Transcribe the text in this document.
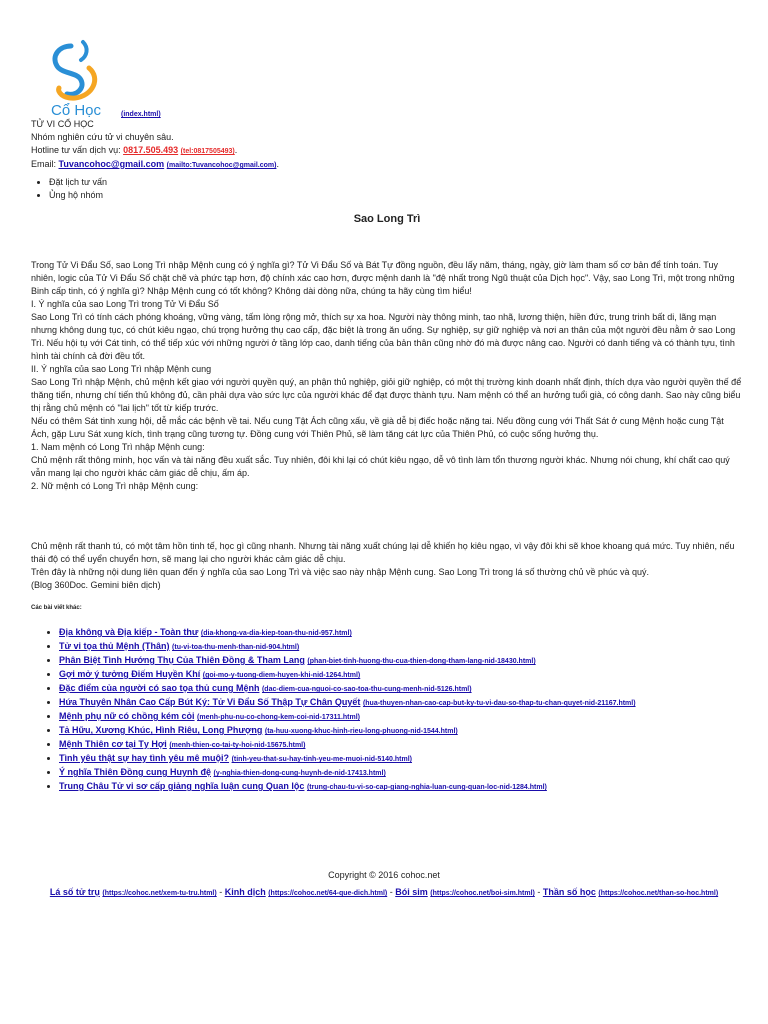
Cổ Học	(index.html)
TỬ VI CỔ HỌC
Nhóm nghiên cứu tử vi chuyên sâu.
Hotline tư vấn dịch vụ: 0817.505.493 (tel:0817505493).
Email: Tuvancohoc@gmail.com (mailto:Tuvancohoc@gmail.com).
• Đặt lịch tư vấn
• Ủng hộ nhóm
Sao Long Trì

Trong Tử Vi Đẩu Số, sao Long Trì nhập Mệnh cung có ý nghĩa gì? Tử Vi Đẩu Số và Bát Tự đồng nguồn, đều lấy năm, tháng, ngày, giờ làm tham số cơ bản để tính toán. Tuy nhiên, logic của Tử Vi Đẩu Số chặt chẽ và phức tạp hơn, độ chính xác cao hơn, được mệnh danh là "đệ nhất trong Ngũ thuật của Dịch học". Vậy, sao Long Trì, một trong những Binh cấp tinh, có ý nghĩa gì? Nhập Mệnh cung có tốt không? Không dài dòng nữa, chúng ta hãy cùng tìm hiểu!

I. Ý nghĩa của sao Long Trì trong Tử Vi Đẩu Số

Sao Long Trì có tính cách phóng khoáng, vững vàng, tấm lòng rộng mở, thích sự xa hoa. Người này thông minh, tao nhã, lương thiện, hiền đức, trung trinh bất di, lãng mạn nhưng không dung tục, có chút kiêu ngạo, chú trọng hưởng thụ cao cấp, đặc biệt là trong ăn uống. Sự nghiệp, sự giữ nghiệp và nơi an thân của một người đều nằm ở sao Long Trì. Nếu hội tụ với Cát tinh, có thể tiếp xúc với những người ở tầng lớp cao, danh tiếng của bản thân cũng nhờ đó mà được nâng cao. Người có danh tiếng và có thành tựu, tình hình tài chính cả đời đều tốt.

II. Ý nghĩa của sao Long Trì nhập Mệnh cung

Sao Long Trì nhập Mệnh, chủ mệnh kết giao với người quyền quý, an phận thủ nghiệp, giỏi giữ nghiệp, có một thị trường kinh doanh nhất định, thích dựa vào người quyền thế để thăng tiến, nhưng chí tiến thủ không đủ, cần phải dựa vào sức lực của người khác để đạt được thành tựu. Nam mệnh có thể an hưởng tuổi già, có công danh. Sao này cũng biểu thị rằng chủ mệnh có "lai lịch" tốt từ kiếp trước.

Nếu có thêm Sát tinh xung hội, dễ mắc các bệnh về tai. Nếu cung Tật Ách cũng xấu, về già dễ bị điếc hoặc nặng tai. Nếu đồng cung với Thất Sát ở cung Mệnh hoặc cung Tật Ách, gặp Lưu Sát xung kích, tình trạng cũng tương tự. Đồng cung với Thiên Phủ, sẽ làm tăng cát lực của Thiên Phủ, có cuộc sống hưởng thụ.

1. Nam mệnh có Long Trì nhập Mệnh cung:

Chủ mệnh rất thông minh, học vấn và tài năng đều xuất sắc. Tuy nhiên, đôi khi lại có chút kiêu ngạo, dễ vô tình làm tổn thương người khác. Nhưng nói chung, khí chất cao quý vẫn mang lại cho người khác cảm giác dễ chịu, ấm áp.

2. Nữ mệnh có Long Trì nhập Mệnh cung:

Chủ mệnh rất thanh tú, có một tâm hồn tinh tế, học gì cũng nhanh. Nhưng tài năng xuất chúng lại dễ khiến họ kiêu ngạo, vì vậy đôi khi sẽ khoe khoang quá mức. Tuy nhiên, nếu thái độ có thể uyển chuyển hơn, sẽ mang lại cho người khác cảm giác dễ chịu.

Trên đây là những nội dung liên quan đến ý nghĩa của sao Long Trì và việc sao này nhập Mệnh cung. Sao Long Trì trong lá số thường chủ về phúc và quý.

(Blog 360Doc. Gemini biên dịch)

Các bài viết khác:
• Địa không và Địa kiếp - Toàn thư (dia-khong-va-dia-kiep-toan-thu-nid-957.html)
• Tử vi tọa thủ Mệnh (Thân) (tu-vi-toa-thu-menh-than-nid-904.html)
• Phân Biệt Tình Hướng Thụ Của Thiên Đồng & Tham Lang (phan-biet-tinh-huong-thu-cua-thien-dong-tham-lang-nid-18430.html)
• Gợi mở ý tưởng Điếm Huyền Khí (goi-mo-y-tuong-diem-huyen-khi-nid-1264.html)
• Đặc điểm của người có sao tọa thủ cung Mệnh (dac-diem-cua-nguoi-co-sao-toa-thu-cung-menh-nid-5126.html)
• Hứa Thuyên Nhân Cao Cấp Bút Ký: Tử Vi Đẩu Số Thập Tự Chân Quyết (hua-thuyen-nhan-cao-cap-but-ky-tu-vi-dau-so-thap-tu-chan-quyet-nid-21167.html)
• Mệnh phụ nữ có chồng kém cỏi (menh-phu-nu-co-chong-kem-coi-nid-17311.html)
• Tả Hữu, Xương Khúc, Hình Riêu, Long Phượng (ta-huu-xuong-khuc-hinh-rieu-long-phuong-nid-1544.html)
• Mệnh Thiên cơ tại Tỵ Hợi (menh-thien-co-tai-ty-hoi-nid-15675.html)
• Tình yêu thật sự hay tình yêu mê muội? (tinh-yeu-that-su-hay-tinh-yeu-me-muoi-nid-5140.html)
• Ý nghĩa Thiên Đồng cung Huynh đệ (y-nghia-thien-dong-cung-huynh-de-nid-17413.html)
• Trung Châu Tử vi sơ cấp giảng nghĩa luận cung Quan lộc (trung-chau-tu-vi-so-cap-giang-nghia-luan-cung-quan-loc-nid-1284.html)
Copyright © 2016 cohoc.net
Lá số tử trụ (https://cohoc.net/xem-tu-tru.html) - Kinh dịch (https://cohoc.net/64-que-dich.html) - Bói sim (https://cohoc.net/boi-sim.html) - Thần số học (https://cohoc.net/than-so-hoc.html)
